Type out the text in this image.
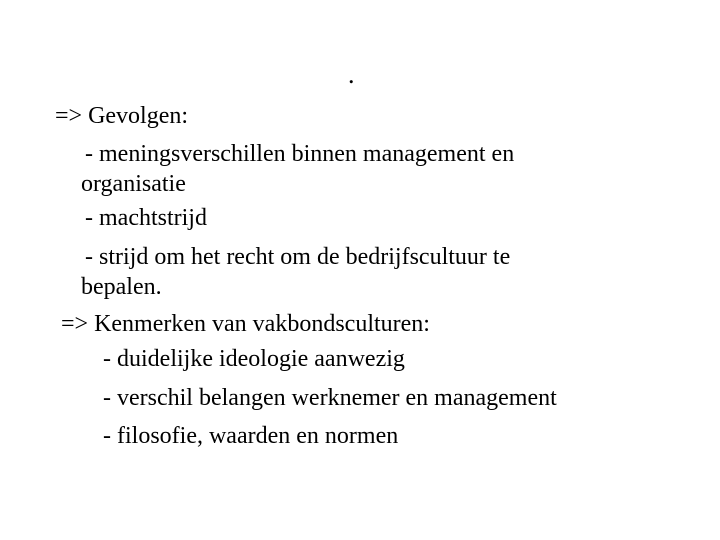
.
=> Gevolgen:
- meningsverschillen binnen management en
organisatie
- machtstrijd
- strijd om het recht om de bedrijfscultuur te
bepalen.
=> Kenmerken van vakbondsculturen:
- duidelijke ideologie aanwezig
- verschil belangen werknemer en management
- filosofie, waarden en normen
